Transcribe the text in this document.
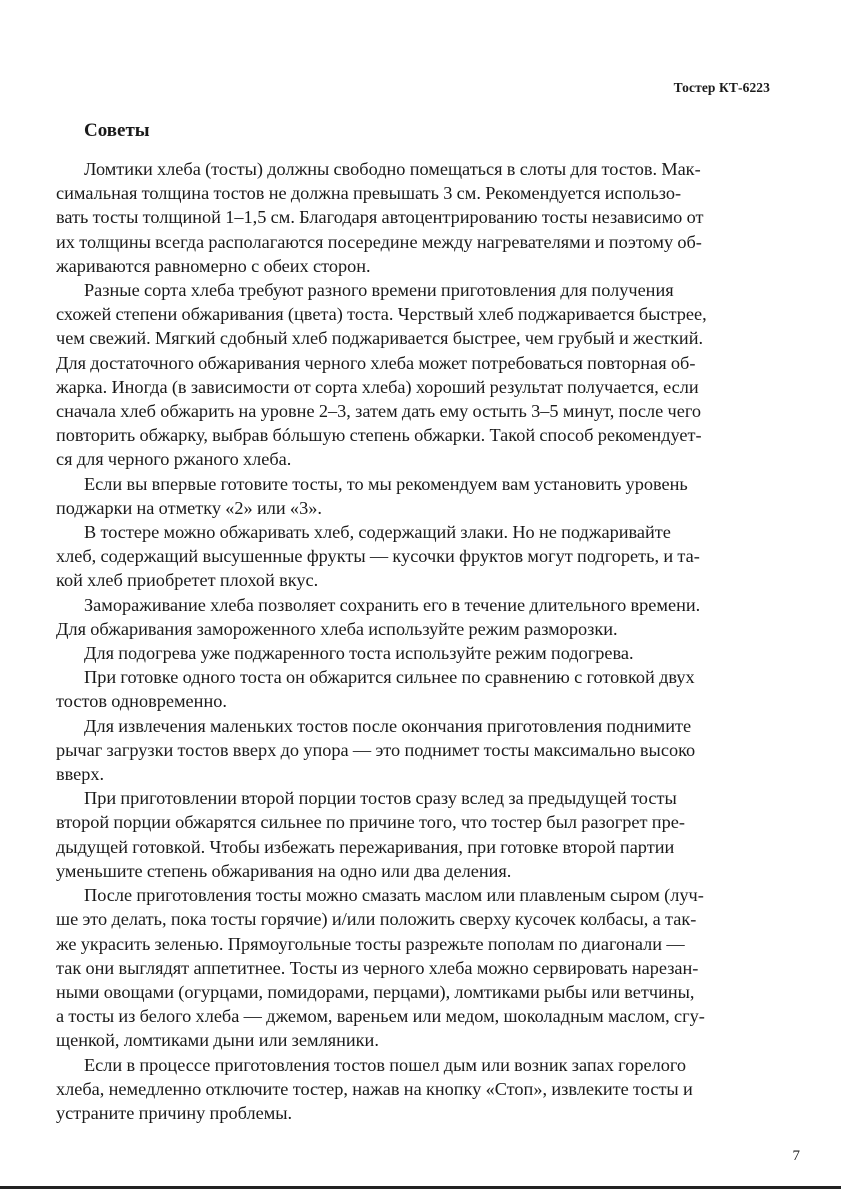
Тостер КТ-6223
Советы

Ломтики хлеба (тосты) должны свободно помещаться в слоты для тостов. Мак-
симальная толщина тостов не должна превышать 3 см. Рекомендуется использо-
вать тосты толщиной 1–1,5 см. Благодаря автоцентрированию тосты независимо от
их толщины всегда располагаются посередине между нагревателями и поэтому об-
жариваются равномерно с обеих сторон.

Разные сорта хлеба требуют разного времени приготовления для получения
схожей степени обжаривания (цвета) тоста. Черствый хлеб поджаривается быстрее,
чем свежий. Мягкий сдобный хлеб поджаривается быстрее, чем грубый и жесткий.
Для достаточного обжаривания черного хлеба может потребоваться повторная об-
жарка. Иногда (в зависимости от сорта хлеба) хороший результат получается, если
сначала хлеб обжарить на уровне 2–3, затем дать ему остыть 3–5 минут, после чего
повторить обжарку, выбрав бóльшую степень обжарки. Такой способ рекомендует-
ся для черного ржаного хлеба.

Если вы впервые готовите тосты, то мы рекомендуем вам установить уровень
поджарки на отметку «2» или «3».

В тостере можно обжаривать хлеб, содержащий злаки. Но не поджаривайте
хлеб, содержащий высушенные фрукты — кусочки фруктов могут подгореть, и та-
кой хлеб приобретет плохой вкус.

Замораживание хлеба позволяет сохранить его в течение длительного времени.
Для обжаривания замороженного хлеба используйте режим разморозки.

Для подогрева уже поджаренного тоста используйте режим подогрева.

При готовке одного тоста он обжарится сильнее по сравнению с готовкой двух
тостов одновременно.

Для извлечения маленьких тостов после окончания приготовления поднимите
рычаг загрузки тостов вверх до упора — это поднимет тосты максимально высоко
вверх.

При приготовлении второй порции тостов сразу вслед за предыдущей тосты
второй порции обжарятся сильнее по причине того, что тостер был разогрет пре-
дыдущей готовкой. Чтобы избежать пережаривания, при готовке второй партии
уменьшите степень обжаривания на одно или два деления.

После приготовления тосты можно смазать маслом или плавленым сыром (луч-
ше это делать, пока тосты горячие) и/или положить сверху кусочек колбасы, а так-
же украсить зеленью. Прямоугольные тосты разрежьте пополам по диагонали —
так они выглядят аппетитнее. Тосты из черного хлеба можно сервировать нарезан-
ными овощами (огурцами, помидорами, перцами), ломтиками рыбы или ветчины,
а тосты из белого хлеба — джемом, вареньем или медом, шоколадным маслом, сгу-
щенкой, ломтиками дыни или земляники.

Если в процессе приготовления тостов пошел дым или возник запах горелого
хлеба, немедленно отключите тостер, нажав на кнопку «Стоп», извлеките тосты и
устраните причину проблемы.

7
